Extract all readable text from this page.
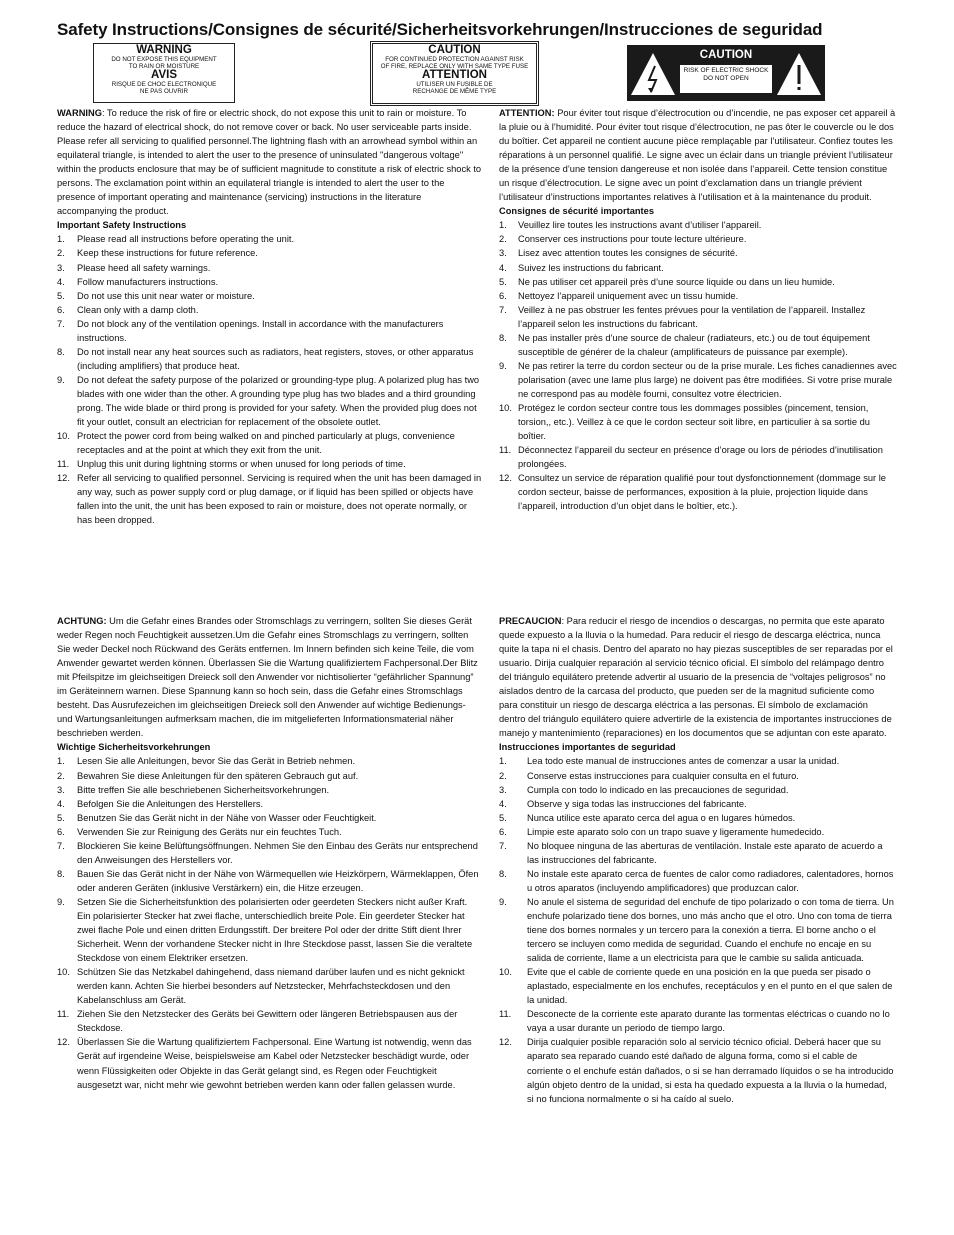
Safety Instructions/Consignes de sécurité/Sicherheitsvorkehrungen/Instrucciones de seguridad
WARNING
DO NOT EXPOSE THIS EQUIPMENT
TO RAIN OR MOISTURE
AVIS
RISQUE DE CHOC ELECTRONIQUE
NE PAS OUVRIR
CAUTION
FOR CONTINUED PROTECTION AGAINST RISK
OF FIRE, REPLACE ONLY WITH SAME TYPE FUSE
ATTENTION
UTILISER UN FUSIBLE DE
RECHANGE DE MÊME TYPE
CAUTION
RISK OF ELECTRIC SHOCK
DO NOT OPEN

WARNING: To reduce the risk of fire or electric shock, do not expose this unit to rain or moisture. To reduce the hazard of electrical shock, do not remove cover or back. No user serviceable parts inside. Please refer all servicing to qualified personnel.The lightning flash with an arrowhead symbol within an equilateral triangle, is intended to alert the user to the presence of uninsulated "dangerous voltage" within the products enclosure that may be of sufficient magnitude to constitute a risk of electric shock to persons. The exclamation point within an equilateral triangle is intended to alert the user to the presence of important operating and maintenance (servicing) instructions in the literature accompanying the product.

Important Safety Instructions

1. Please read all instructions before operating the unit.
2. Keep these instructions for future reference.
3. Please heed all safety warnings.
4. Follow manufacturers instructions.
5. Do not use this unit near water or moisture.
6. Clean only with a damp cloth.
7. Do not block any of the ventilation openings. Install in accordance with the manufacturers instructions.
8. Do not install near any heat sources such as radiators, heat registers, stoves, or other apparatus (including amplifiers) that produce heat.
9. Do not defeat the safety purpose of the polarized or grounding-type plug. A polarized plug has two blades with one wider than the other. A grounding type plug has two blades and a third grounding prong. The wide blade or third prong is provided for your safety. When the provided plug does not fit your outlet, consult an electrician for replacement of the obsolete outlet.
10. Protect the power cord from being walked on and pinched particularly at plugs, convenience receptacles and at the point at which they exit from the unit.
11. Unplug this unit during lightning storms or when unused for long periods of time.
12. Refer all servicing to qualified personnel. Servicing is required when the unit has been damaged in any way, such as power supply cord or plug damage, or if liquid has been spilled or objects have fallen into the unit, the unit has been exposed to rain or moisture, does not operate normally, or has been dropped.

ATTENTION: Pour éviter tout risque d’électrocution ou d’incendie, ne pas exposer cet appareil à la pluie ou à l’humidité. Pour éviter tout risque d’électrocution, ne pas ôter le couvercle ou le dos du boîtier. Cet appareil ne contient aucune pièce remplaçable par l’utilisateur. Confiez toutes les réparations à un personnel qualifié. Le signe avec un éclair dans un triangle prévient l’utilisateur de la présence d’une tension dangereuse et non isolée dans l’appareil. Cette tension constitue un risque d’électrocution. Le signe avec un point d’exclamation dans un triangle prévient l’utilisateur d’instructions importantes relatives à l’utilisation et à la maintenance du produit.

Consignes de sécurité importantes

1. Veuillez lire toutes les instructions avant d’utiliser l’appareil.
2. Conserver ces instructions pour toute lecture ultérieure.
3. Lisez avec attention toutes les consignes de sécurité.
4. Suivez les instructions du fabricant.
5. Ne pas utiliser cet appareil près d’une source liquide ou dans un lieu humide.
6. Nettoyez l’appareil uniquement avec un tissu humide.
7. Veillez à ne pas obstruer les fentes prévues pour la ventilation de l’appareil. Installez l’appareil selon les instructions du fabricant.
8. Ne pas installer près d’une source de chaleur (radiateurs, etc.) ou de tout équipement susceptible de générer de la chaleur (amplificateurs de puissance par exemple).
9. Ne pas retirer la terre du cordon secteur ou de la prise murale. Les fiches canadiennes avec polarisation (avec une lame plus large) ne doivent pas être modifiées. Si votre prise murale ne correspond pas au modèle fourni, consultez votre électricien.
10. Protégez le cordon secteur contre tous les dommages possibles (pincement, tension, torsion,, etc.). Veillez à ce que le cordon secteur soit libre, en particulier à sa sortie du boîtier.
11. Déconnectez l’appareil du secteur en présence d’orage ou lors de périodes d’inutilisation prolongées.
12. Consultez un service de réparation qualifié pour tout dysfonctionnement (dommage sur le cordon secteur, baisse de performances, exposition à la pluie, projection liquide dans l’appareil, introduction d’un objet dans le boîtier, etc.).

ACHTUNG: Um die Gefahr eines Brandes oder Stromschlags zu verringern, sollten Sie dieses Gerät weder Regen noch Feuchtigkeit aussetzen.Um die Gefahr eines Stromschlags zu verringern, sollten Sie weder Deckel noch Rückwand des Geräts entfernen. Im Innern befinden sich keine Teile, die vom Anwender gewartet werden können. Überlassen Sie die Wartung qualifiziertem Fachpersonal.Der Blitz mit Pfeilspitze im gleichseitigen Dreieck soll den Anwender vor nichtisolierter “gefährlicher Spannung” im Geräteinnern warnen. Diese Spannung kann so hoch sein, dass die Gefahr eines Stromschlags besteht. Das Ausrufezeichen im gleichseitigen Dreieck soll den Anwender auf wichtige Bedienungs- und Wartungsanleitungen aufmerksam machen, die im mitgelieferten Informationsmaterial näher beschrieben werden.

Wichtige Sicherheitsvorkehrungen

1. Lesen Sie alle Anleitungen, bevor Sie das Gerät in Betrieb nehmen.
2. Bewahren Sie diese Anleitungen für den späteren Gebrauch gut auf.
3. Bitte treffen Sie alle beschriebenen Sicherheitsvorkehrungen.
4. Befolgen Sie die Anleitungen des Herstellers.
5. Benutzen Sie das Gerät nicht in der Nähe von Wasser oder Feuchtigkeit.
6. Verwenden Sie zur Reinigung des Geräts nur ein feuchtes Tuch.
7. Blockieren Sie keine Belüftungsöffnungen. Nehmen Sie den Einbau des Geräts nur entsprechend den Anweisungen des Herstellers vor.
8. Bauen Sie das Gerät nicht in der Nähe von Wärmequellen wie Heizkörpern, Wärmeklappen, Öfen oder anderen Geräten (inklusive Verstärkern) ein, die Hitze erzeugen.
9. Setzen Sie die Sicherheitsfunktion des polarisierten oder geerdeten Steckers nicht außer Kraft. Ein polarisierter Stecker hat zwei flache, unterschiedlich breite Pole. Ein geerdeter Stecker hat zwei flache Pole und einen dritten Erdungsstift. Der breitere Pol oder der dritte Stift dient Ihrer Sicherheit. Wenn der vorhandene Stecker nicht in Ihre Steckdose passt, lassen Sie die veraltete Steckdose von einem Elektriker ersetzen.
10. Schützen Sie das Netzkabel dahingehend, dass niemand darüber laufen und es nicht geknickt werden kann. Achten Sie hierbei besonders auf Netzstecker, Mehrfachsteckdosen und den Kabelanschluss am Gerät.
11. Ziehen Sie den Netzstecker des Geräts bei Gewittern oder längeren Betriebspausen aus der Steckdose.
12. Überlassen Sie die Wartung qualifiziertem Fachpersonal. Eine Wartung ist notwendig, wenn das Gerät auf irgendeine Weise, beispielsweise am Kabel oder Netzstecker beschädigt wurde, oder wenn Flüssigkeiten oder Objekte in das Gerät gelangt sind, es Regen oder Feuchtigkeit ausgesetzt war, nicht mehr wie gewohnt betrieben werden kann oder fallen gelassen wurde.

PRECAUCION: Para reducir el riesgo de incendios o descargas, no permita que este aparato quede expuesto a la lluvia o la humedad. Para reducir el riesgo de descarga eléctrica, nunca quite la tapa ni el chasis. Dentro del aparato no hay piezas susceptibles de ser reparadas por el usuario. Dirija cualquier reparación al servicio técnico oficial. El símbolo del relámpago dentro del triángulo equilátero pretende advertir al usuario de la presencia de “voltajes peligrosos” no aislados dentro de la carcasa del producto, que pueden ser de la magnitud suficiente como para constituir un riesgo de descarga eléctrica a las personas. El símbolo de exclamación dentro del triángulo equilátero quiere advertirle de la existencia de importantes instrucciones de manejo y mantenimiento (reparaciones) en los documentos que se adjuntan con este aparato.

Instrucciones importantes de seguridad

1. Lea todo este manual de instrucciones antes de comenzar a usar la unidad.
2. Conserve estas instrucciones para cualquier consulta en el futuro.
3. Cumpla con todo lo indicado en las precauciones de seguridad.
4. Observe y siga todas las instrucciones del fabricante.
5. Nunca utilice este aparato cerca del agua o en lugares húmedos.
6. Limpie este aparato solo con un trapo suave y ligeramente humedecido.
7. No bloquee ninguna de las aberturas de ventilación. Instale este aparato de acuerdo a las instrucciones del fabricante.
8. No instale este aparato cerca de fuentes de calor como radiadores, calentadores, hornos u otros aparatos (incluyendo amplificadores) que produzcan calor.
9. No anule el sistema de seguridad del enchufe de tipo polarizado o con toma de tierra. Un enchufe polarizado tiene dos bornes, uno más ancho que el otro. Uno con toma de tierra tiene dos bornes normales y un tercero para la conexión a tierra. El borne ancho o el tercero se incluyen como medida de seguridad. Cuando el enchufe no encaje en su salida de corriente, llame a un electricista para que le cambie su salida anticuada.
10. Evite que el cable de corriente quede en una posición en la que pueda ser pisado o aplastado, especialmente en los enchufes, receptáculos y en el punto en el que salen de la unidad.
11. Desconecte de la corriente este aparato durante las tormentas eléctricas o cuando no lo vaya a usar durante un periodo de tiempo largo.
12. Dirija cualquier posible reparación solo al servicio técnico oficial. Deberá hacer que su aparato sea reparado cuando esté dañado de alguna forma, como si el cable de corriente o el enchufe están dañados, o si se han derramado líquidos o se ha introducido algún objeto dentro de la unidad, si esta ha quedado expuesta a la lluvia o la humedad, si no funciona normalmente o si ha caído al suelo.
